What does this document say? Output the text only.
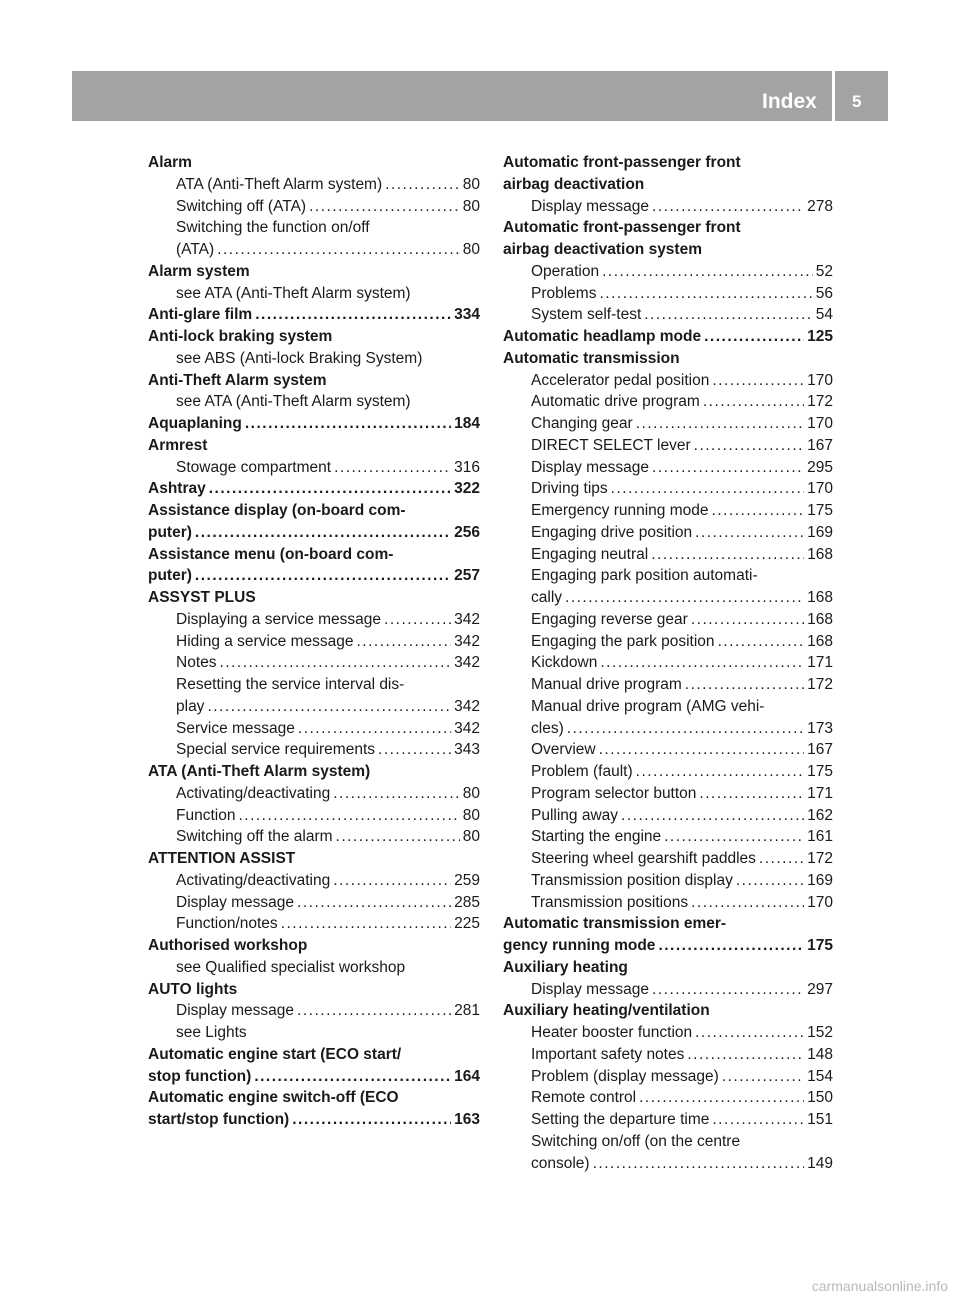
Index 5
Alarm
ATA (Anti-Theft Alarm system) .....	80
Switching off (ATA) .....	80
Switching the function on/off
(ATA) .....	80
Alarm system
see ATA (Anti-Theft Alarm system)
Anti-glare film .....	334
Anti-lock braking system
see ABS (Anti-lock Braking System)
Anti-Theft Alarm system
see ATA (Anti-Theft Alarm system)
Aquaplaning .....	184
Armrest
Stowage compartment .....	316
Ashtray .....	322
Assistance display (on-board com-
puter) .....	256
Assistance menu (on-board com-
puter) .....	257
ASSYST PLUS
Displaying a service message .....	342
Hiding a service message .....	342
Notes .....	342
Resetting the service interval dis-
play .....	342
Service message .....	342
Special service requirements .....	343
ATA (Anti-Theft Alarm system)
Activating/deactivating .....	80
Function .....	80
Switching off the alarm .....	80
ATTENTION ASSIST
Activating/deactivating .....	259
Display message .....	285
Function/notes .....	225
Authorised workshop
see Qualified specialist workshop
AUTO lights
Display message .....	281
see Lights
Automatic engine start (ECO start/
stop function) .....	164
Automatic engine switch-off (ECO
start/stop function) .....	163
Automatic front-passenger front
airbag deactivation
Display message .....	278
Automatic front-passenger front
airbag deactivation system
Operation .....	52
Problems .....	56
System self-test .....	54
Automatic headlamp mode .....	125
Automatic transmission
Accelerator pedal position .....	170
Automatic drive program .....	172
Changing gear .....	170
DIRECT SELECT lever .....	167
Display message .....	295
Driving tips .....	170
Emergency running mode .....	175
Engaging drive position .....	169
Engaging neutral .....	168
Engaging park position automati-
cally .....	168
Engaging reverse gear .....	168
Engaging the park position .....	168
Kickdown .....	171
Manual drive program .....	172
Manual drive program (AMG vehi-
cles) .....	173
Overview .....	167
Problem (fault) .....	175
Program selector button .....	171
Pulling away .....	162
Starting the engine .....	161
Steering wheel gearshift paddles .....	172
Transmission position display .....	169
Transmission positions .....	170
Automatic transmission emer-
gency running mode .....	175
Auxiliary heating
Display message .....	297
Auxiliary heating/ventilation
Heater booster function .....	152
Important safety notes .....	148
Problem (display message) .....	154
Remote control .....	150
Setting the departure time .....	151
Switching on/off (on the centre
console) .....	149
carmanualsonline.info
